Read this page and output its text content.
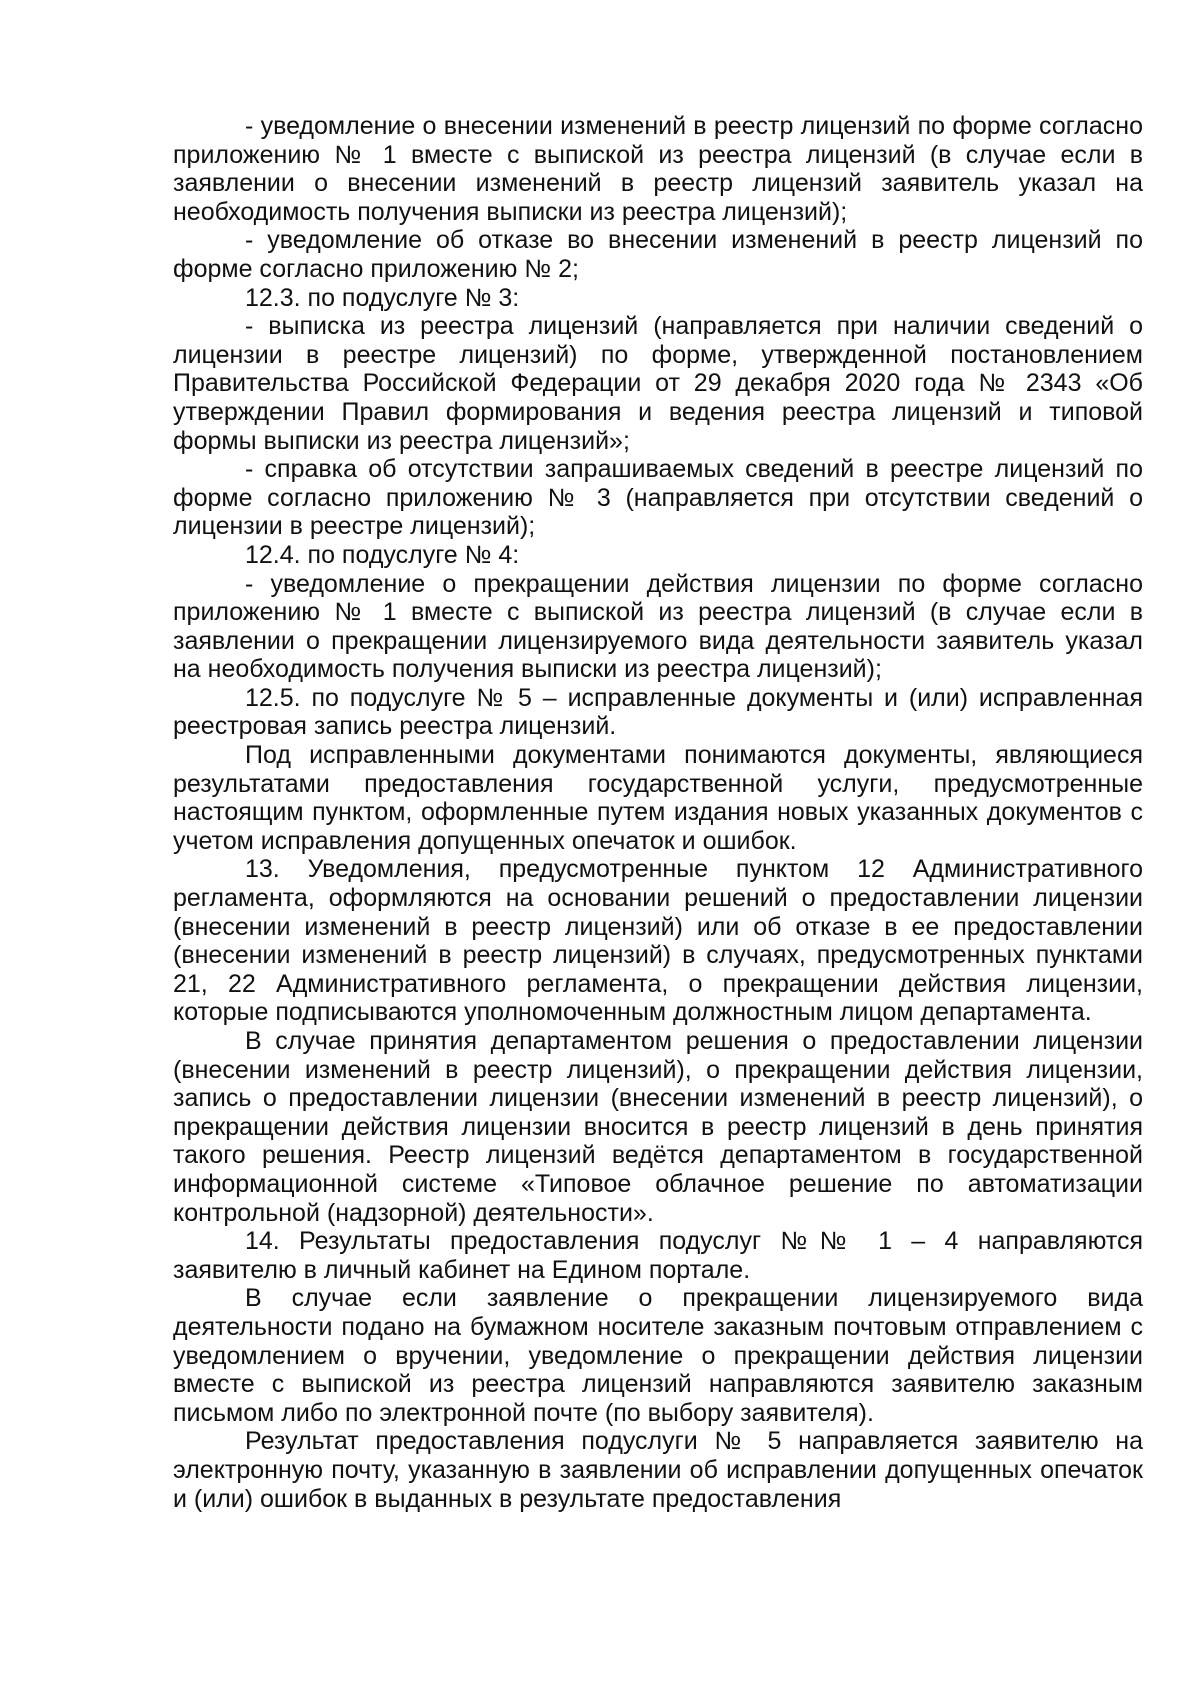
- уведомление о внесении изменений в реестр лицензий по форме согласно приложению № 1 вместе с выпиской из реестра лицензий (в случае если в заявлении о внесении изменений в реестр лицензий заявитель указал на необходимость получения выписки из реестра лицензий);

- уведомление об отказе во внесении изменений в реестр лицензий по форме согласно приложению № 2;

12.3. по подуслуге № 3:

- выписка из реестра лицензий (направляется при наличии сведений о лицензии в реестре лицензий) по форме, утвержденной постановлением Правительства Российской Федерации от 29 декабря 2020 года № 2343 «Об утверждении Правил формирования и ведения реестра лицензий и типовой формы выписки из реестра лицензий»;

- справка об отсутствии запрашиваемых сведений в реестре лицензий по форме согласно приложению № 3 (направляется при отсутствии сведений о лицензии в реестре лицензий);

12.4. по подуслуге № 4:

- уведомление о прекращении действия лицензии по форме согласно приложению № 1 вместе с выпиской из реестра лицензий (в случае если в заявлении о прекращении лицензируемого вида деятельности заявитель указал на необходимость получения выписки из реестра лицензий);

12.5. по подуслуге № 5 – исправленные документы и (или) исправленная реестровая запись реестра лицензий.

Под исправленными документами понимаются документы, являющиеся результатами предоставления государственной услуги, предусмотренные настоящим пунктом, оформленные путем издания новых указанных документов с учетом исправления допущенных опечаток и ошибок.

13. Уведомления, предусмотренные пунктом 12 Административного регламента, оформляются на основании решений о предоставлении лицензии (внесении изменений в реестр лицензий) или об отказе в ее предоставлении (внесении изменений в реестр лицензий) в случаях, предусмотренных пунктами 21, 22 Административного регламента, о прекращении действия лицензии, которые подписываются уполномоченным должностным лицом департамента.

В случае принятия департаментом решения о предоставлении лицензии (внесении изменений в реестр лицензий), о прекращении действия лицензии, запись о предоставлении лицензии (внесении изменений в реестр лицензий), о прекращении действия лицензии вносится в реестр лицензий в день принятия такого решения. Реестр лицензий ведётся департаментом в государственной информационной системе «Типовое облачное решение по автоматизации контрольной (надзорной) деятельности».

14. Результаты предоставления подуслуг №№ 1 – 4 направляются заявителю в личный кабинет на Едином портале.

В случае если заявление о прекращении лицензируемого вида деятельности подано на бумажном носителе заказным почтовым отправлением с уведомлением о вручении, уведомление о прекращении действия лицензии вместе с выпиской из реестра лицензий направляются заявителю заказным письмом либо по электронной почте (по выбору заявителя).

Результат предоставления подуслуги № 5 направляется заявителю на электронную почту, указанную в заявлении об исправлении допущенных опечаток и (или) ошибок в выданных в результате предоставления
